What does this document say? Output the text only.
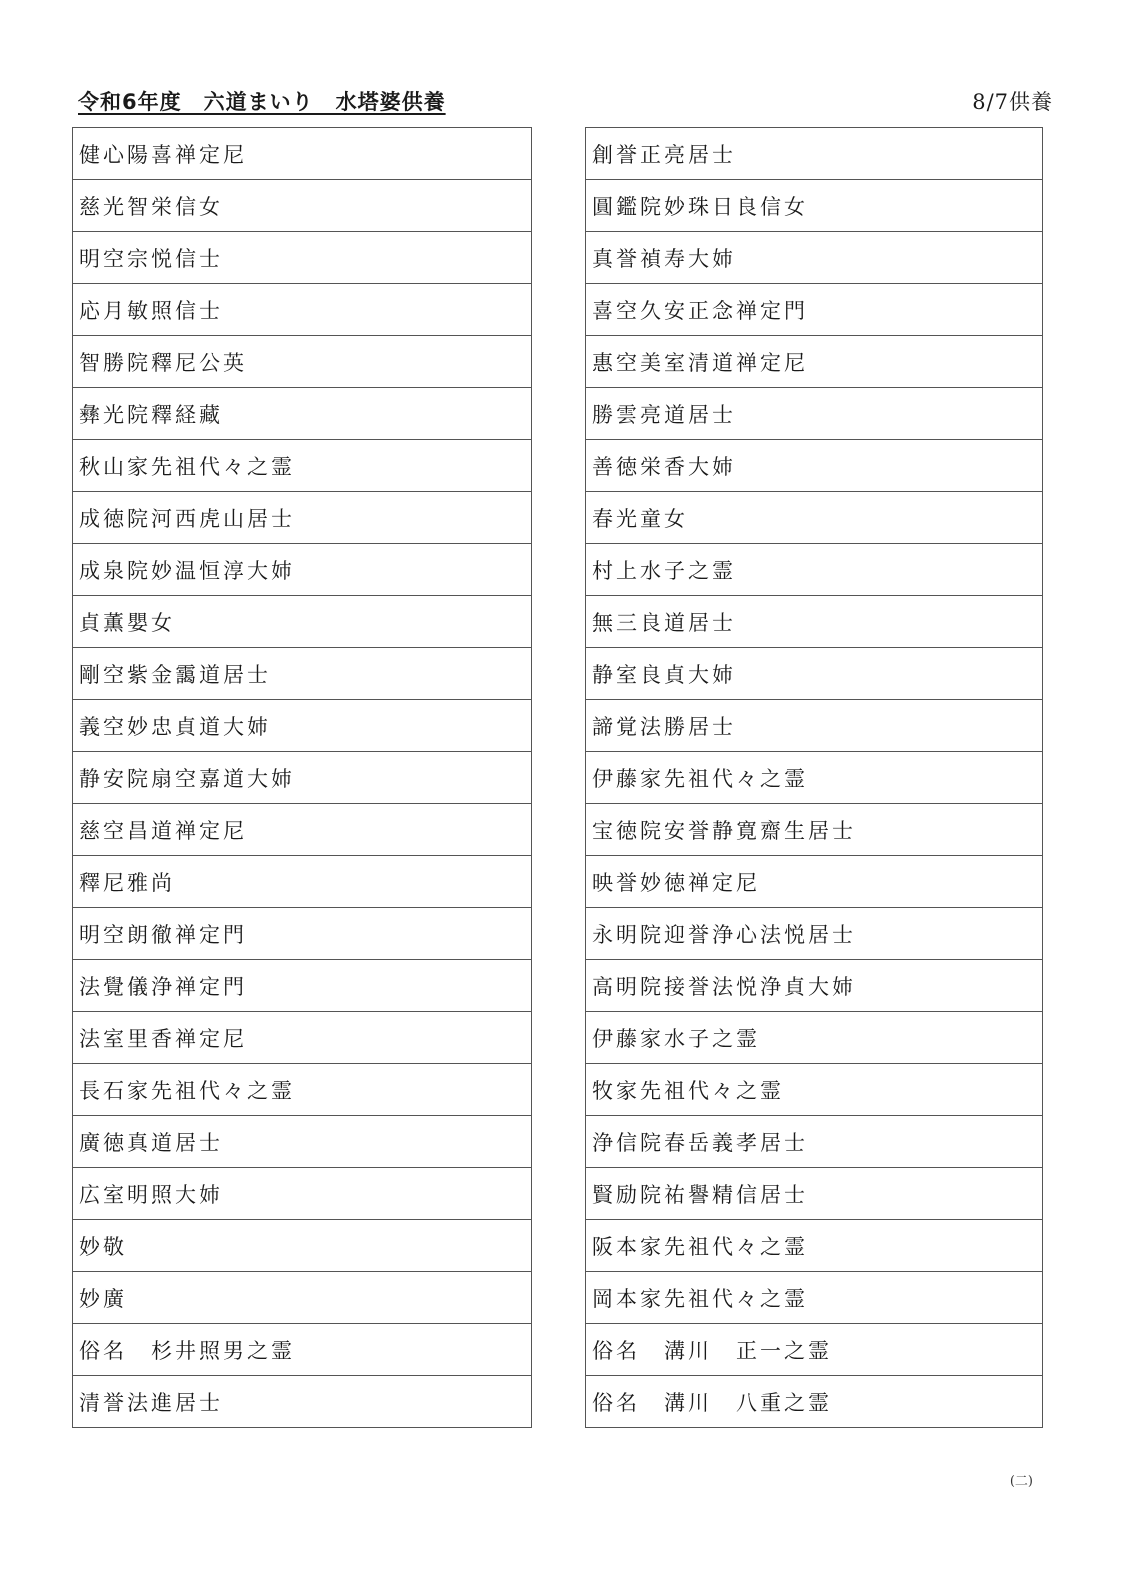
令和6年度　六道まいり　水塔婆供養	8/7供養
健心陽喜禅定尼
慈光智栄信女
明空宗悦信士
応月敏照信士
智勝院釋尼公英
彝光院釋経藏
秋山家先祖代々之霊
成徳院河西虎山居士
成泉院妙温恒淳大姉
貞薫嬰女
剛空紫金靄道居士
義空妙忠貞道大姉
静安院扇空嘉道大姉
慈空昌道禅定尼
釋尼雅尚
明空朗徹禅定門
法覺儀浄禅定門
法室里香禅定尼
長石家先祖代々之霊
廣徳真道居士
広室明照大姉
妙敬
妙廣
俗名　杉井照男之霊
清誉法進居士
創誉正亮居士
圓鑑院妙珠日良信女
真誉禎寿大姉
喜空久安正念禅定門
惠空美室清道禅定尼
勝雲亮道居士
善徳栄香大姉
春光童女
村上水子之霊
無三良道居士
静室良貞大姉
諦覚法勝居士
伊藤家先祖代々之霊
宝徳院安誉静寛齋生居士
映誉妙徳禅定尼
永明院迎誉浄心法悦居士
高明院接誉法悦浄貞大姉
伊藤家水子之霊
牧家先祖代々之霊
浄信院春岳義孝居士
賢励院祐譽精信居士
阪本家先祖代々之霊
岡本家先祖代々之霊
俗名　溝川　正一之霊
俗名　溝川　八重之霊
(二)
